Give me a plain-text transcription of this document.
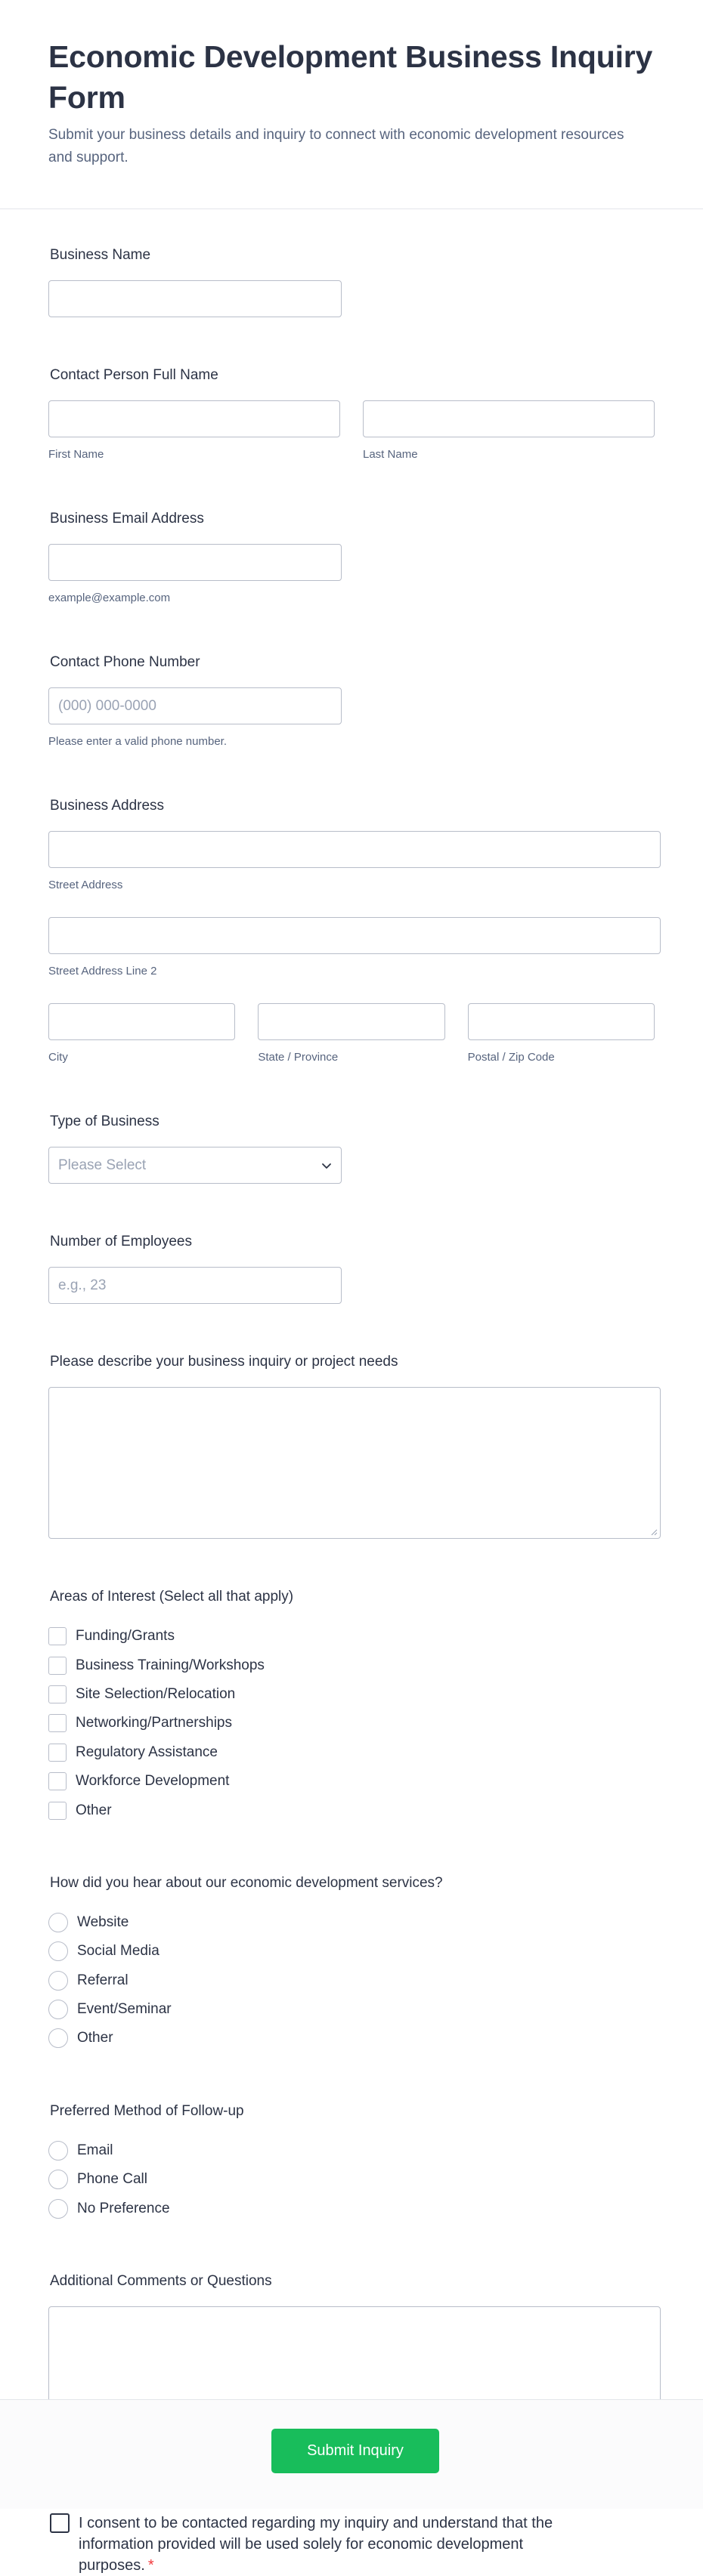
Economic Development Business Inquiry Form
Submit your business details and inquiry to connect with economic development resources and support.
Business Name
Contact Person Full Name
First Name	Last Name
Business Email Address
example@example.com
Contact Phone Number
(000) 000-0000
Please enter a valid phone number.
Business Address
Street Address
Street Address Line 2
City	State / Province	Postal / Zip Code
Type of Business
Please Select
Number of Employees
e.g., 23
Please describe your business inquiry or project needs
Areas of Interest (Select all that apply)
Funding/Grants
Business Training/Workshops
Site Selection/Relocation
Networking/Partnerships
Regulatory Assistance
Workforce Development
Other
How did you hear about our economic development services?
Website
Social Media
Referral
Event/Seminar
Other
Preferred Method of Follow-up
Email
Phone Call
No Preference
Additional Comments or Questions
I consent to be contacted regarding my inquiry and understand that the information provided will be used solely for economic development purposes. *
Submit Inquiry
